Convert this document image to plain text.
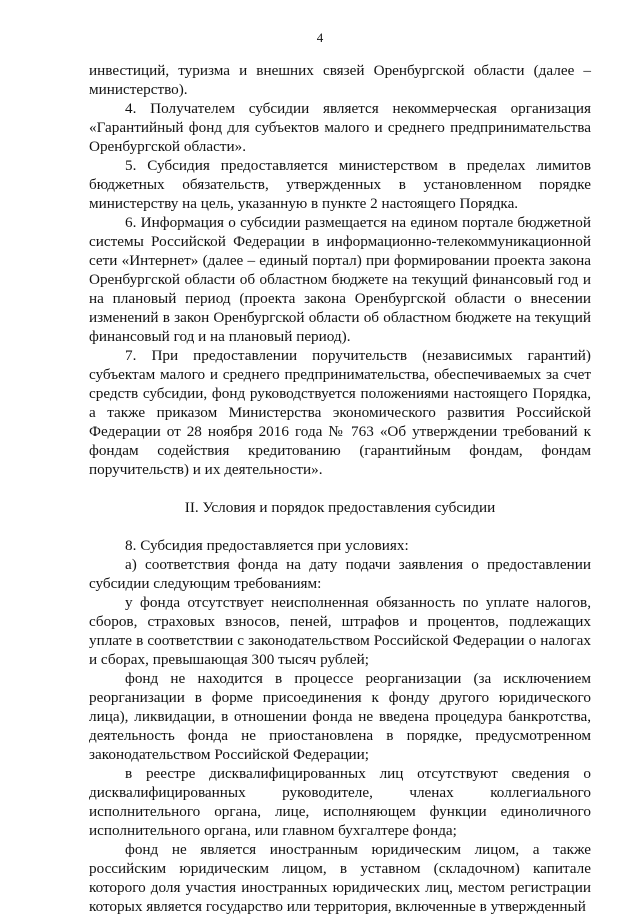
4

инвестиций, туризма и внешних связей Оренбургской области (далее – министерство).

4. Получателем субсидии является некоммерческая организация «Гарантийный фонд для субъектов малого и среднего предпринимательства Оренбургской области».

5. Субсидия предоставляется министерством в пределах лимитов бюджетных обязательств, утвержденных в установленном порядке министерству на цель, указанную в пункте 2 настоящего Порядка.

6. Информация о субсидии размещается на едином портале бюджетной системы Российской Федерации в информационно-телекоммуникационной сети «Интернет» (далее – единый портал) при формировании проекта закона Оренбургской области об областном бюджете на текущий финансовый год и на плановый период (проекта закона Оренбургской области о внесении изменений в закон Оренбургской области об областном бюджете на текущий финансовый год и на плановый период).

7. При предоставлении поручительств (независимых гарантий) субъектам малого и среднего предпринимательства, обеспечиваемых за счет средств субсидии, фонд руководствуется положениями настоящего Порядка, а также приказом Министерства экономического развития Российской Федерации от 28 ноября 2016 года № 763 «Об утверждении требований к фондам содействия кредитованию (гарантийным фондам, фондам поручительств) и их деятельности».

II. Условия и порядок предоставления субсидии

8. Субсидия предоставляется при условиях:

а) соответствия фонда на дату подачи заявления о предоставлении субсидии следующим требованиям:

у фонда отсутствует неисполненная обязанность по уплате налогов, сборов, страховых взносов, пеней, штрафов и процентов, подлежащих уплате в соответствии с законодательством Российской Федерации о налогах и сборах, превышающая 300 тысяч рублей;

фонд не находится в процессе реорганизации (за исключением реорганизации в форме присоединения к фонду другого юридического лица), ликвидации, в отношении фонда не введена процедура банкротства, деятельность фонда не приостановлена в порядке, предусмотренном законодательством Российской Федерации;

в реестре дисквалифицированных лиц отсутствуют сведения о дисквалифицированных руководителе, членах коллегиального исполнительного органа, лице, исполняющем функции единоличного исполнительного органа, или главном бухгалтере фонда;

фонд не является иностранным юридическим лицом, а также российским юридическим лицом, в уставном (складочном) капитале которого доля участия иностранных юридических лиц, местом регистрации которых является государство или территория, включенные в утвержденный
